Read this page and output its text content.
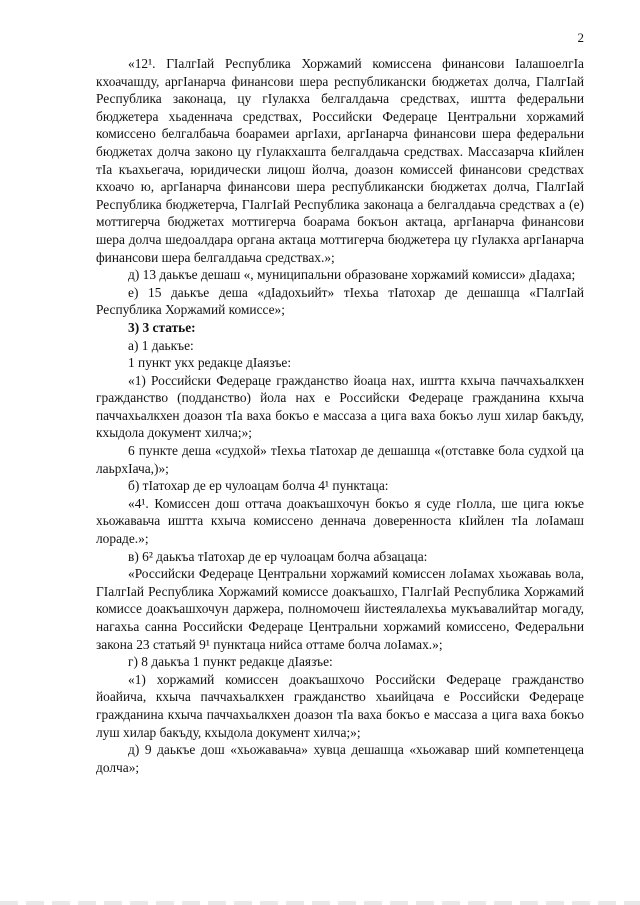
2

«12¹. ГӀалгӀай Республика Хоржамий комиссена финансови ӀалашоелгӀа кхоачашду, аргӀанарча финансови шера республикански бюджетах долча, ГӀалгӀай Республика законаца, цу гӀулакха белгалдаьча средствах, иштта федеральни бюджетера хьаденнача средствах, Российски Федераце Центральни хоржамий комиссено белгалбаьча боарамеи аргӀахи, аргӀанарча финансови шера федеральни бюджетах долча законо цу гӀулакхашта белгалдаьча средствах. Массазарча кӀийлен тӀа къахьегача, юридически лицош йолча, доазон комиссей финансови средствах кхоачо ю, аргӀанарча финансови шера республикански бюджетах долча, ГӀалгӀай Республика бюджетерча, ГӀалгӀай Республика законаца а белгалдаьча средствах а (е) моттигерча бюджетах моттигерча боарама бокъон актаца, аргӀанарча финансови шера долча шедоалдара органа актаца моттигерча бюджетера цу гӀулакха аргӀанарча финансови шера белгалдаьча средствах.»;

д) 13 даькъе дешаш «, муниципальни образоване хоржамий комисси» дӀадаха;

е) 15 даькъе деша «дӀадохьийт» тӀехьа тӀатохар де дешашца «ГӀалгӀай Республика Хоржамий комиссе»;

3) 3 статье:

а) 1 даькъе:

1 пункт укх редакце дӀаязъе:

«1) Российски Федераце гражданство йоаца нах, иштта кхыча паччахьалкхен гражданство (подданство) йола нах е Российски Федераце гражданина кхыча паччахьалкхен доазон тӀа ваха бокъо е массаза а цига ваха бокъо луш хилар бакъду, кхыдола документ хилча;»;

6 пункте деша «судхой» тӀехьа тӀатохар де дешашца «(отставке бола судхой ца лаьрхӀача,)»;

б) тӀатохар де ер чулоацам болча 4¹ пунктаца:

«4¹. Комиссен дош оттача доакъашхочун бокъо я суде гӀолла, ше цига юкъе хьожаваьча иштта кхыча комиссено деннача доверенноста кӀийлен тӀа лоӀамаш лораде.»;

в) 6² даькъа тӀатохар де ер чулоацам болча абзацаца:

«Российски Федераце Центральни хоржамий комиссен лоӀамах хьожаваь вола, ГӀалгӀай Республика Хоржамий комиссе доакъашхо, ГӀалгӀай Республика Хоржамий комиссе доакъашхочун даржера, полномочеш йистеялалехьа мукъавалийтар могаду, нагахьа санна Российски Федераце Центральни хоржамий комиссено, Федеральни закона 23 статьяй 9¹ пунктаца нийса оттаме болча лоӀамах.»;

г) 8 даькъа 1 пункт редакце дӀаязъе:

«1) хоржамий комиссен доакъашхочо Российски Федераце гражданство йоайича, кхыча паччахьалкхен гражданство хьаийцача е Российски Федераце гражданина кхыча паччахьалкхен доазон тӀа ваха бокъо е массаза а цига ваха бокъо луш хилар бакъду, кхыдола документ хилча;»;

д) 9 даькъе дош «хьожаваьча» хувца дешашца «хьожавар ший компетенцеца долча»;
